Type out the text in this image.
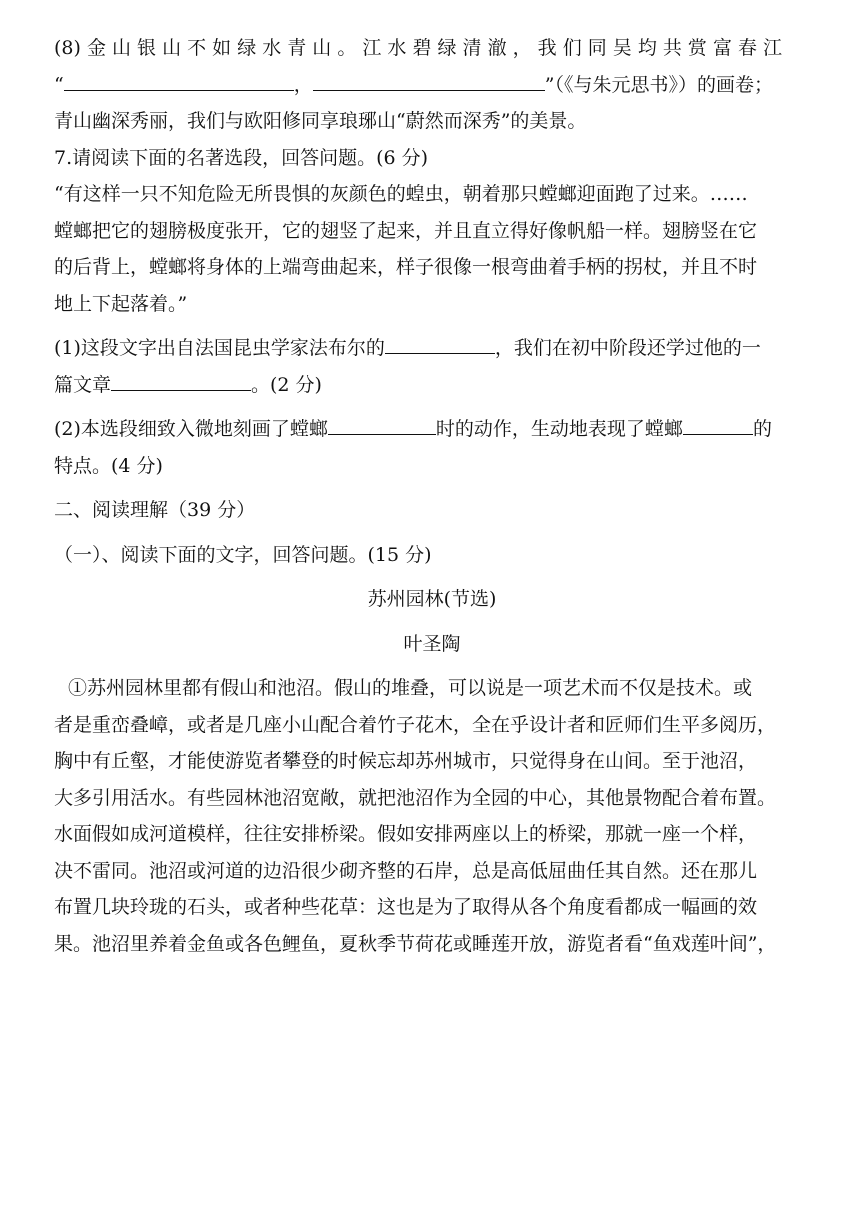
(8) 金 山 银 山 不 如 绿 水 青 山 。 江 水 碧 绿 清 澈 ， 我 们 同 吴 均 共 赏 富 春 江
“	，	”（《与朱元思书》）的画卷；
青山幽深秀丽，我们与欧阳修同享琅琊山“蔚然而深秀”的美景。
7.请阅读下面的名著选段，回答问题。(6 分)
“有这样一只不知危险无所畏惧的灰颜色的蝗虫，朝着那只螳螂迎面跑了过来。……
螳螂把它的翅膀极度张开，它的翅竖了起来，并且直立得好像帆船一样。翅膀竖在它
的后背上，螳螂将身体的上端弯曲起来，样子很像一根弯曲着手柄的拐杖，并且不时
地上下起落着。”
(1)这段文字出自法国昆虫学家法布尔的	，我们在初中阶段还学过他的一
篇文章	。(2 分)
(2)本选段细致入微地刻画了螳螂	时的动作，生动地表现了螳螂	的
特点。(4 分)
二、阅读理解（39 分）
（一）、阅读下面的文字，回答问题。(15 分)
苏州园林(节选)
叶圣陶
①苏州园林里都有假山和池沼。假山的堆叠，可以说是一项艺术而不仅是技术。或
者是重峦叠嶂，或者是几座小山配合着竹子花木，全在乎设计者和匠师们生平多阅历，
胸中有丘壑，才能使游览者攀登的时候忘却苏州城市，只觉得身在山间。至于池沼，
大多引用活水。有些园林池沼宽敞，就把池沼作为全园的中心，其他景物配合着布置。
水面假如成河道模样，往往安排桥梁。假如安排两座以上的桥梁，那就一座一个样，
决不雷同。池沼或河道的边沿很少砌齐整的石岸，总是高低屈曲任其自然。还在那儿
布置几块玲珑的石头，或者种些花草：这也是为了取得从各个角度看都成一幅画的效
果。池沼里养着金鱼或各色鲤鱼，夏秋季节荷花或睡莲开放，游览者看“鱼戏莲叶间”，
